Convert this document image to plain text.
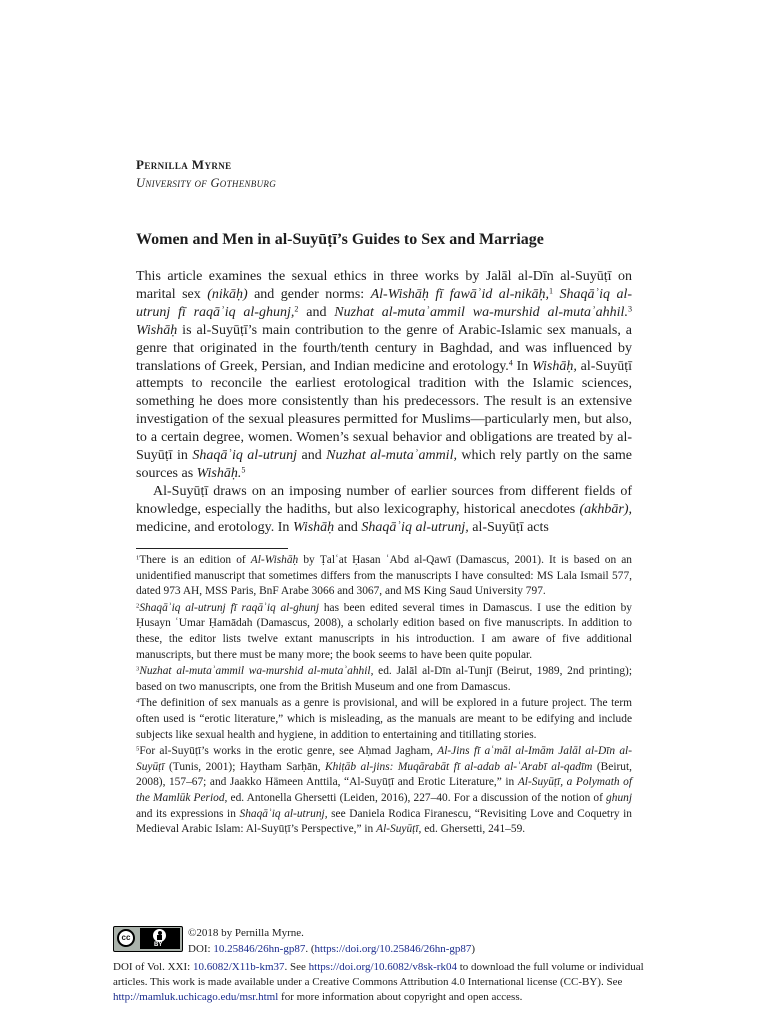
Pernilla Myrne
University of Gothenburg
Women and Men in al-Suyūṭī’s Guides to Sex and Marriage

This article examines the sexual ethics in three works by Jalāl al-Dīn al-Suyūṭī on marital sex (nikāḥ) and gender norms: Al-Wishāḥ fī fawāʾid al-nikāḥ,$^1$ Shaqāʾiq al-utrunj fī raqāʾiq al-ghunj,$^2$ and Nuzhat al-mutaʾammil wa-murshid al-mutaʾahhil.$^3$ Wishāḥ is al-Suyūṭī’s main contribution to the genre of Arabic-Islamic sex manuals, a genre that originated in the fourth/tenth century in Baghdad, and was influenced by translations of Greek, Persian, and Indian medicine and erotology.$^4$ In Wishāḥ, al-Suyūṭī attempts to reconcile the earliest erotological tradition with the Islamic sciences, something he does more consistently than his predecessors. The result is an extensive investigation of the sexual pleasures permitted for Muslims—particularly men, but also, to a certain degree, women. Women’s sexual behavior and obligations are treated by al-Suyūṭī in Shaqāʾiq al-utrunj and Nuzhat al-mutaʾammil, which rely partly on the same sources as Wishāḥ.$^5$

Al-Suyūṭī draws on an imposing number of earlier sources from different fields of knowledge, especially the hadiths, but also lexicography, historical anecdotes (akhbār), medicine, and erotology. In Wishāḥ and Shaqāʾiq al-utrunj, al-Suyūṭī acts

$^1$There is an edition of Al-Wishāḥ by Ṭalʿat Ḥasan ʿAbd al-Qawī (Damascus, 2001). It is based on an unidentified manuscript that sometimes differs from the manuscripts I have consulted: MS Lala Ismail 577, dated 973 AH, MSS Paris, BnF Arabe 3066 and 3067, and MS King Saud University 797.

$^2$Shaqāʾiq al-utrunj fī raqāʾiq al-ghunj has been edited several times in Damascus. I use the edition by Ḥusayn ʿUmar Ḥamādah (Damascus, 2008), a scholarly edition based on five manuscripts. In addition to these, the editor lists twelve extant manuscripts in his introduction. I am aware of five additional manuscripts, but there must be many more; the book seems to have been quite popular.

$^3$Nuzhat al-mutaʾammil wa-murshid al-mutaʾahhil, ed. Jalāl al-Dīn al-Tunjī (Beirut, 1989, 2nd printing); based on two manuscripts, one from the British Museum and one from Damascus.

$^4$The definition of sex manuals as a genre is provisional, and will be explored in a future project. The term often used is “erotic literature,” which is misleading, as the manuals are meant to be edifying and include subjects like sexual health and hygiene, in addition to entertaining and titillating stories.

$^5$For al-Suyūṭī’s works in the erotic genre, see Aḥmad Jagham, Al-Jins fī aʿmāl al-Imām Jalāl al-Dīn al-Suyūṭī (Tunis, 2001); Haytham Sarḥān, Khiṭāb al-jins: Muqārabāt fī al-adab al-ʿArabī al-qadīm (Beirut, 2008), 157–67; and Jaakko Hämeen Anttila, “Al-Suyūṭī and Erotic Literature,” in Al-Suyūṭī, a Polymath of the Mamlūk Period, ed. Antonella Ghersetti (Leiden, 2016), 227–40. For a discussion of the notion of ghunj and its expressions in Shaqāʾiq al-utrunj, see Daniela Rodica Firanescu, “Revisiting Love and Coquetry in Medieval Arabic Islam: Al-Suyūṭī’s Perspective,” in Al-Suyūṭī, ed. Ghersetti, 241–59.

cc
BY
©2018 by Pernilla Myrne.
DOI: 10.25846/26hn-gp87. (https://doi.org/10.25846/26hn-gp87)
DOI of Vol. XXI: 10.6082/X11b-km37. See https://doi.org/10.6082/v8sk-rk04 to download the full volume or individual articles. This work is made available under a Creative Commons Attribution 4.0 International license (CC-BY). See http://mamluk.uchicago.edu/msr.html for more information about copyright and open access.
